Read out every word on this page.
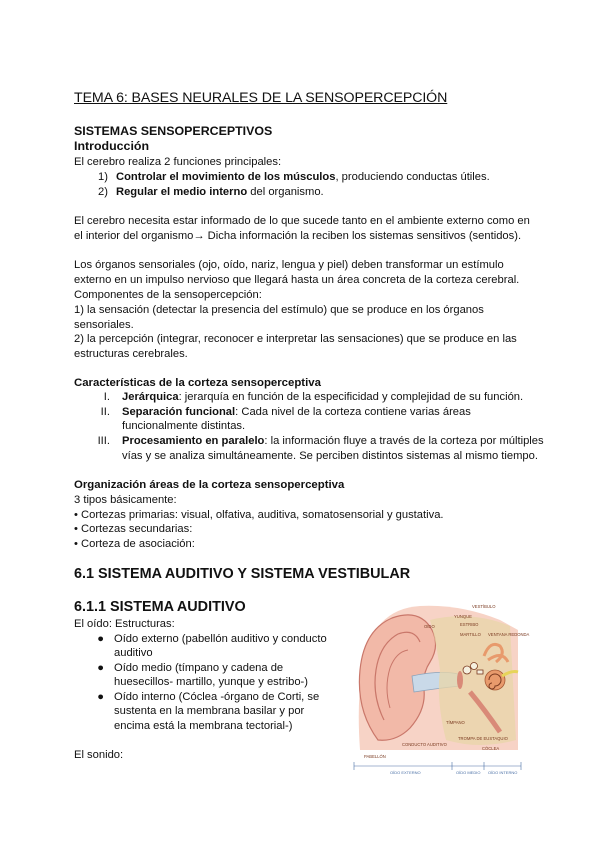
TEMA 6: BASES NEURALES DE LA SENSOPERCEPCIÓN
SISTEMAS SENSOPERCEPTIVOS
Introducción
El cerebro realiza 2 funciones principales:
1) Controlar el movimiento de los músculos, produciendo conductas útiles.
2) Regular el medio interno del organismo.
El cerebro necesita estar informado de lo que sucede tanto en el ambiente externo como en
el interior del organismo→ Dicha información la reciben los sistemas sensitivos (sentidos).
Los órganos sensoriales (ojo, oído, nariz, lengua y piel) deben transformar un estímulo
externo en un impulso nervioso que llegará hasta un área concreta de la corteza cerebral.
Componentes de la sensopercepción:
1) la sensación (detectar la presencia del estímulo) que se produce en los órganos
sensoriales.
2) la percepción (integrar, reconocer e interpretar las sensaciones) que se produce en las
estructuras cerebrales.
Características de la corteza sensoperceptiva
I. Jerárquica: jerarquía en función de la especificidad y complejidad de su función.
II. Separación funcional: Cada nivel de la corteza contiene varias áreas
funcionalmente distintas.
III. Procesamiento en paralelo: la información fluye a través de la corteza por múltiples
vías y se analiza simultáneamente. Se perciben distintos sistemas al mismo tiempo.
Organización áreas de la corteza sensoperceptiva
3 tipos básicamente:
• Cortezas primarias: visual, olfativa, auditiva, somatosensorial y gustativa.
• Cortezas secundarias:
• Corteza de asociación:
6.1 SISTEMA AUDITIVO Y SISTEMA VESTIBULAR
6.1.1 SISTEMA AUDITIVO
El oído: Estructuras:
● Oído externo (pabellón auditivo y conducto
auditivo
● Oído medio (tímpano y cadena de
huesecillos- martillo, yunque y estribo-)
● Oído interno (Cóclea -órgano de Corti, se
sustenta en la membrana basilar y por
encima está la membrana tectorial-)
El sonido:
VESTÍBULO
YUNQUE
OÍDO	ESTRIBO
MARTILLO VENTANA REDONDA
TÍMPANO
CONDUCTO AUDITIVO
CÓCLEA
TROMPA DE EUSTAQUIO
PABELLÓN
OÍDO EXTERNO	OÍDO MEDIO OÍDO INTERNO
